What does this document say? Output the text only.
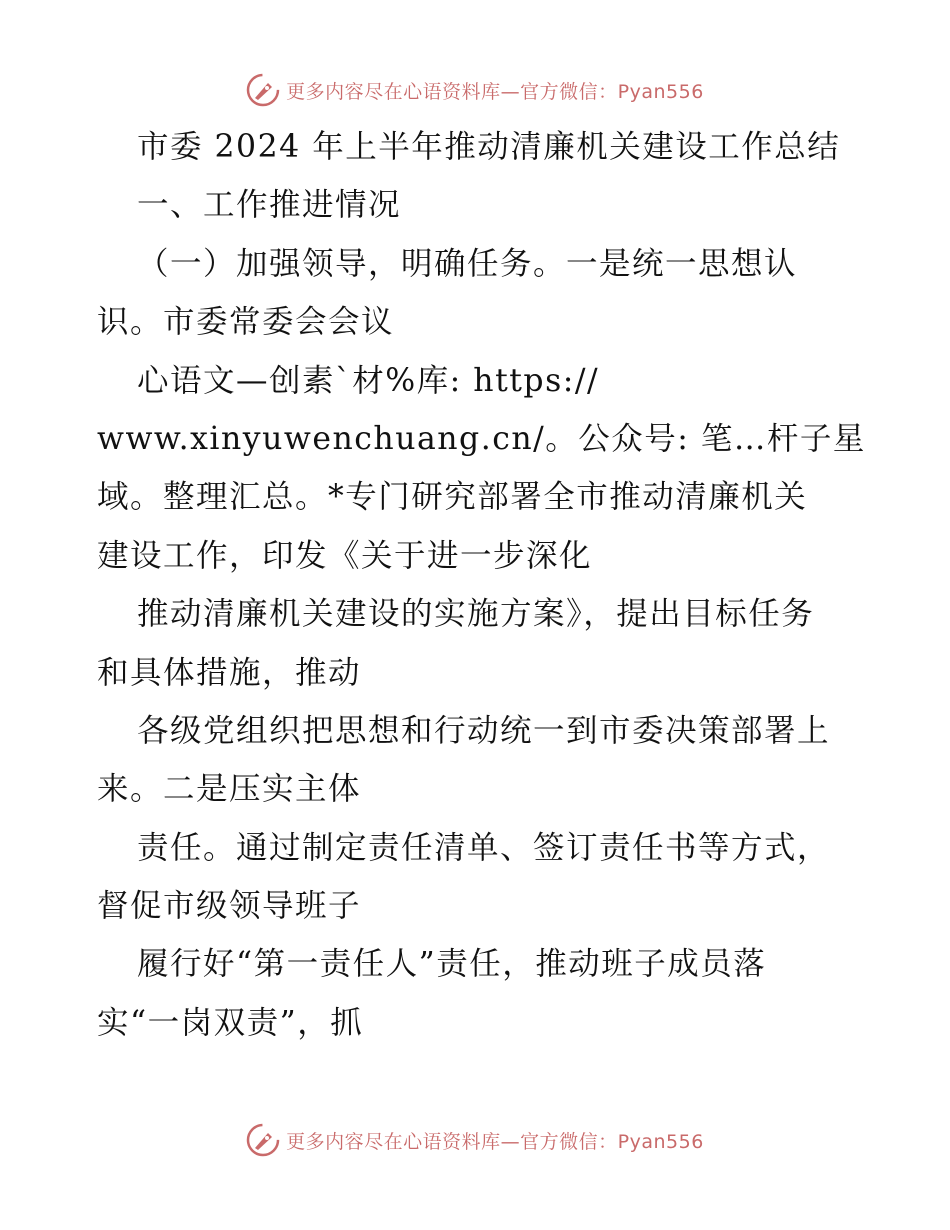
更多内容尽在心语资料库—官方微信：Pyan556
市委 2024 年上半年推动清廉机关建设工作总结
一、工作推进情况
（一）加强领导，明确任务。一是统一思想认
识。市委常委会会议
心语文—创素`材%库: https://
www.xinyuwenchuang.cn/。公众号: 笔…杆子星
域。整理汇总。*专门研究部署全市推动清廉机关
建设工作，印发《关于进一步深化
推动清廉机关建设的实施方案》，提出目标任务
和具体措施，推动
各级党组织把思想和行动统一到市委决策部署上
来。二是压实主体
责任。通过制定责任清单、签订责任书等方式，
督促市级领导班子
履行好“第一责任人”责任，推动班子成员落
实“一岗双责”，抓
更多内容尽在心语资料库—官方微信：Pyan556
